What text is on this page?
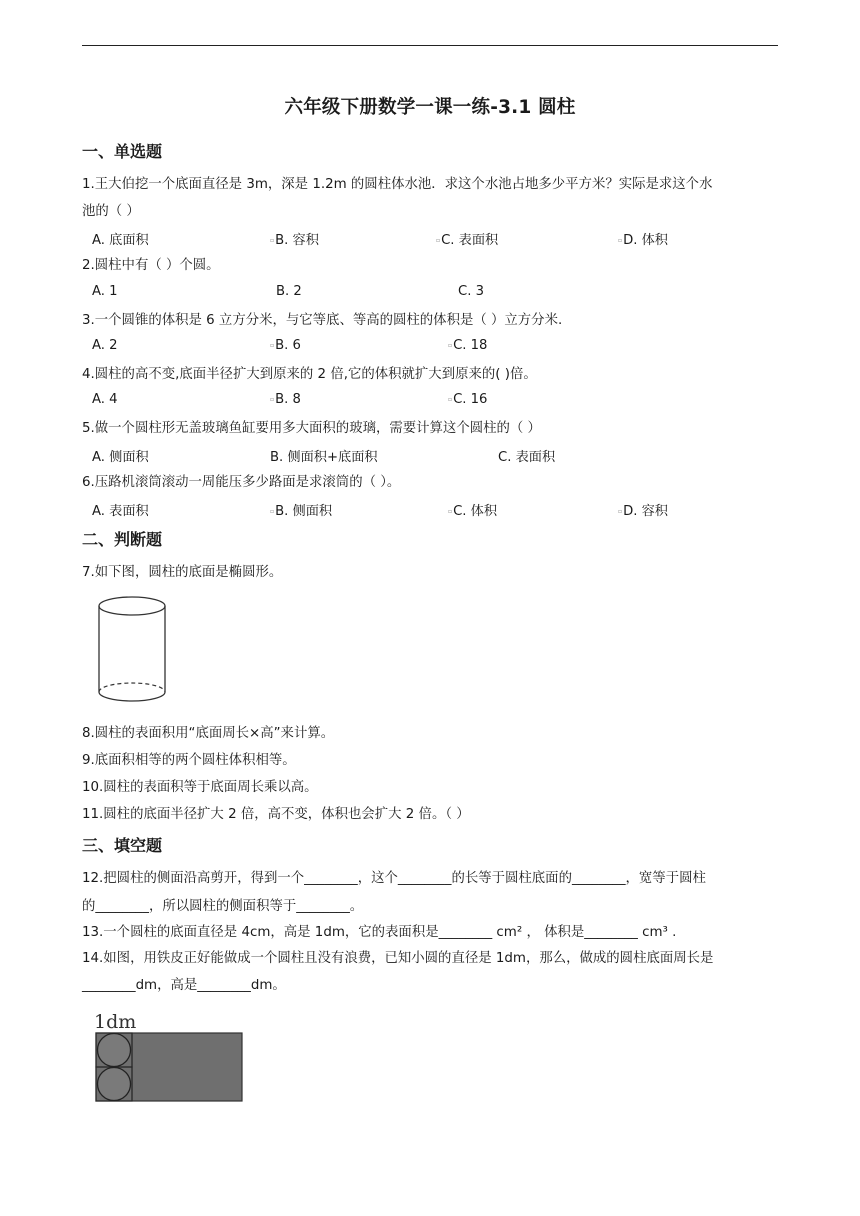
六年级下册数学一课一练-3.1 圆柱
一、单选题
1.王大伯挖一个底面直径是 3m，深是 1.2m 的圆柱体水池．求这个水池占地多少平方米？实际是求这个水
池的（ ）
A. 底面积	▫ B. 容积	▫ C. 表面积	▫ D. 体积
2.圆柱中有（ ）个圆。
A. 1	B. 2	C. 3
3.一个圆锥的体积是 6 立方分米，与它等底、等高的圆柱的体积是（ ）立方分米.
A. 2	▫ B. 6	▫ C. 18
4.圆柱的高不变,底面半径扩大到原来的 2 倍,它的体积就扩大到原来的( )倍。
A. 4	▫ B. 8	▫ C. 16
5.做一个圆柱形无盖玻璃鱼缸要用多大面积的玻璃，需要计算这个圆柱的（ ）
A. 侧面积	B. 侧面积+底面积	C. 表面积
6.压路机滚筒滚动一周能压多少路面是求滚筒的（ ）。
A. 表面积	▫ B. 侧面积	▫ C. 体积	▫ D. 容积
二、判断题
7.如下图，圆柱的底面是椭圆形。
8.圆柱的表面积用“底面周长×高”来计算。
9.底面积相等的两个圆柱体积相等。
10.圆柱的表面积等于底面周长乘以高。
11.圆柱的底面半径扩大 2 倍，高不变，体积也会扩大 2 倍。（ ）
三、填空题
12.把圆柱的侧面沿高剪开，得到一个________，这个________的长等于圆柱底面的________，宽等于圆柱
的________，所以圆柱的侧面积等于________。
13.一个圆柱的底面直径是 4cm，高是 1dm，它的表面积是________ cm² ， 体积是________ cm³ .
14.如图，用铁皮正好能做成一个圆柱且没有浪费，已知小圆的直径是 1dm，那么，做成的圆柱底面周长是
________dm，高是________dm。
1dm
